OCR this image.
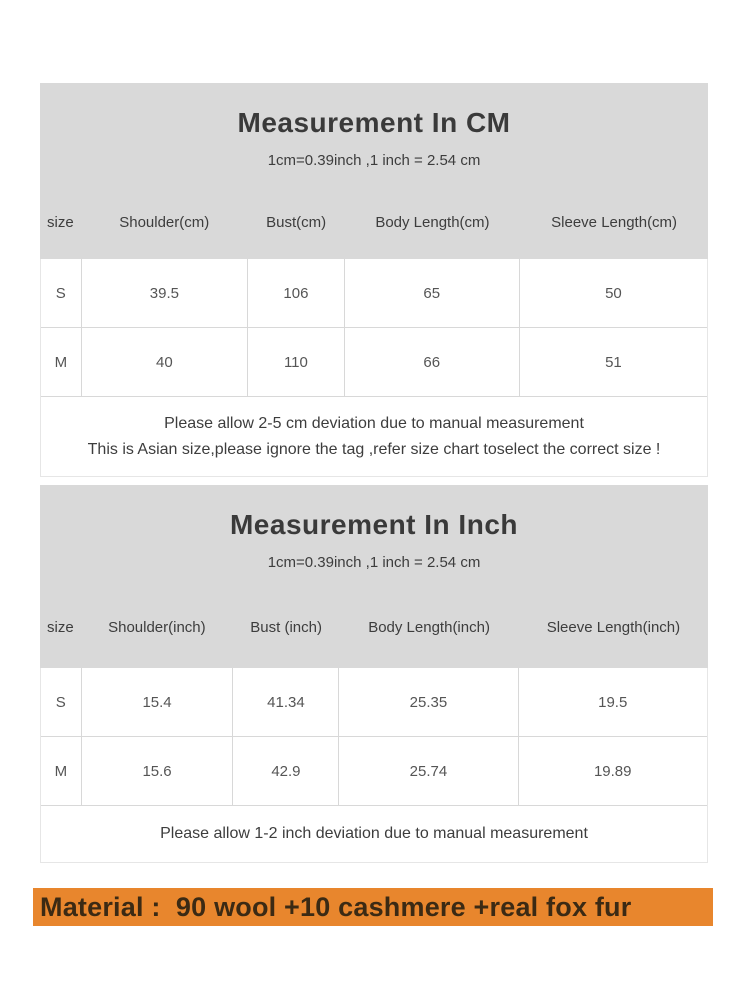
Measurement In CM
1cm=0.39inch ,1 inch = 2.54 cm
size	Shoulder(cm)	Bust(cm)	Body Length(cm)	Sleeve Length(cm)
S	39.5	106	65	50
M	40	110	66	51
Please allow 2-5 cm deviation due to manual measurement
This is Asian size,please ignore the tag ,refer size chart toselect the correct size !
Measurement In Inch
1cm=0.39inch ,1 inch = 2.54 cm
size	Shoulder(inch)	Bust (inch)	Body Length(inch)	Sleeve Length(inch)
S	15.4	41.34	25.35	19.5
M	15.6	42.9	25.74	19.89
Please allow 1-2 inch deviation due to manual measurement
Material :  90 wool +10 cashmere +real fox fur
